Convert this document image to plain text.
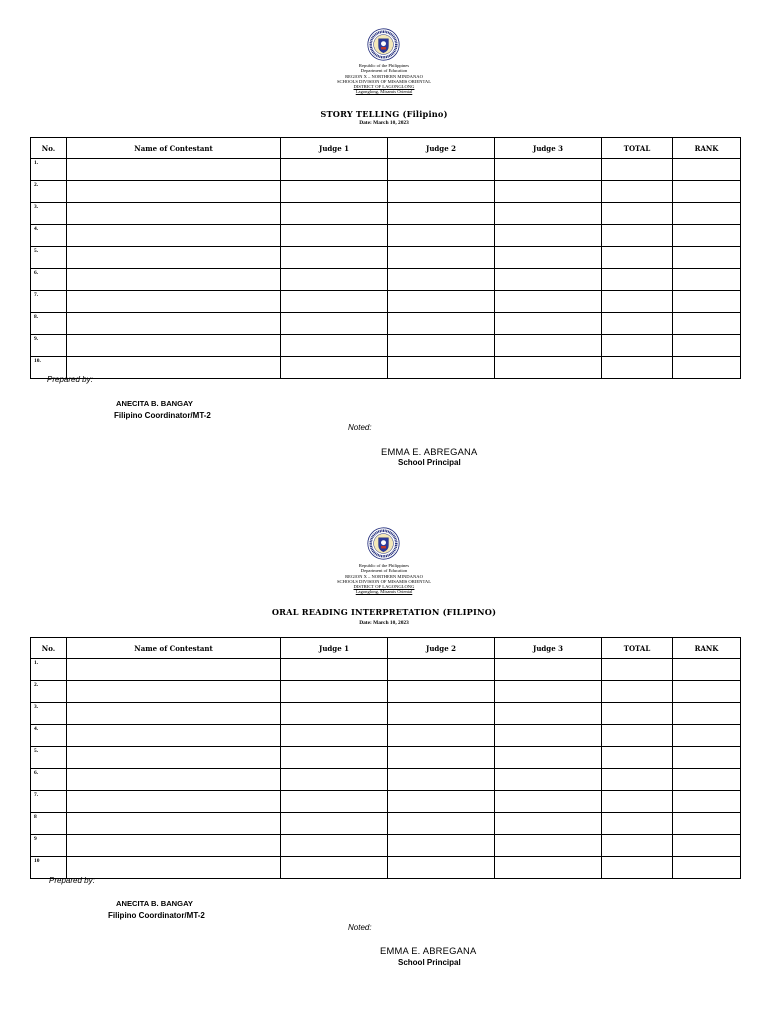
Republic of the Philippines
Department of Education
REGION X – NORTHERN MINDANAO
SCHOOLS DIVISION OF MISAMIS ORIENTAL
DISTRICT OF LAGONGLONG
Lagonglong, Misamis Oriental
STORY TELLING (Filipino)
Date: March 10, 2023
No.	Name of Contestant	Judge 1	Judge 2	Judge 3	TOTAL	RANK
1.						
2.						
3.						
4.						
5.						
6.						
7.						
8.						
9.						
10.						
Prepared by:
ANECITA B. BANGAY
Filipino Coordinator/MT-2
Noted:
EMMA E. ABREGANA
School Principal
Republic of the Philippines
Department of Education
REGION X – NORTHERN MINDANAO
SCHOOLS DIVISION OF MISAMIS ORIENTAL
DISTRICT OF LAGONGLONG
Lagonglong, Misamis Oriental
ORAL READING INTERPRETATION (FILIPINO)
Date: March 10, 2023
No.	Name of Contestant	Judge 1	Judge 2	Judge 3	TOTAL	RANK
1.						
2.						
3.						
4.						
5.						
6.						
7.						
8						
9						
10						
Prepared by:
ANECITA B. BANGAY
Filipino Coordinator/MT-2
Noted:
EMMA E. ABREGANA
School Principal
